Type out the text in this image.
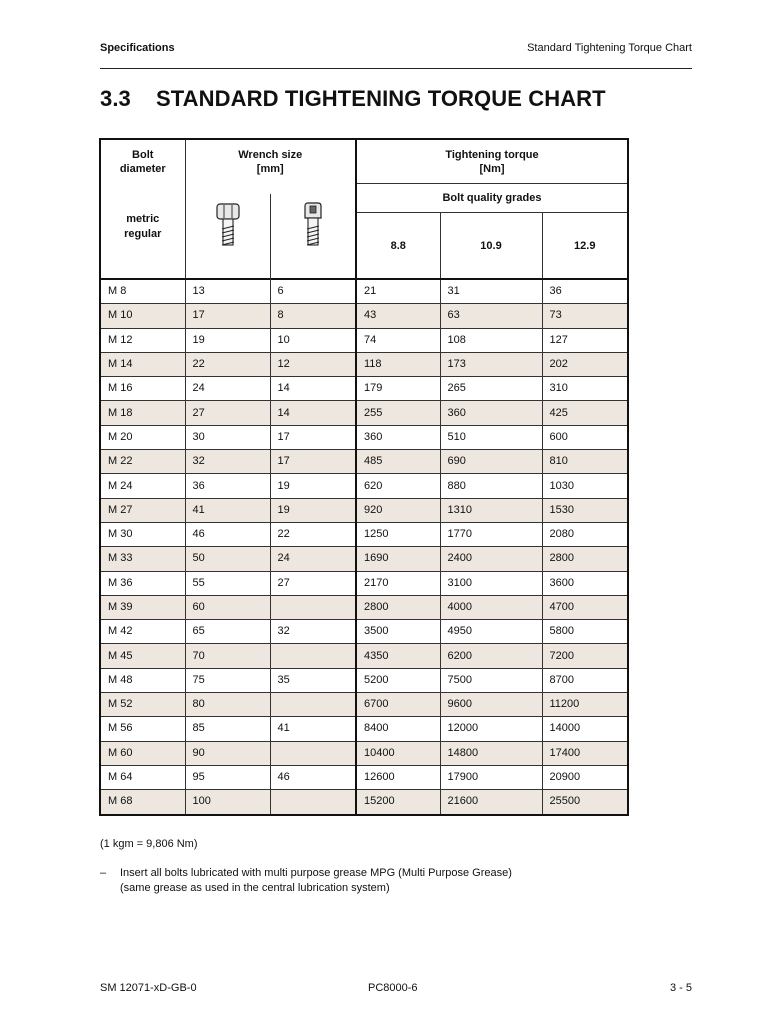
Specifications	Standard Tightening Torque Chart
3.3 STANDARD TIGHTENING TORQUE CHART
Bolt
diameter
metric
regular	Wrench size
[mm]		Tightening torque
[Nm]		

			Bolt quality grades		
			8.8	10.9	12.9
M 8	13	6	21	31	36
M 10	17	8	43	63	73
M 12	19	10	74	108	127
M 14	22	12	118	173	202
M 16	24	14	179	265	310
M 18	27	14	255	360	425
M 20	30	17	360	510	600
M 22	32	17	485	690	810
M 24	36	19	620	880	1030
M 27	41	19	920	1310	1530
M 30	46	22	1250	1770	2080
M 33	50	24	1690	2400	2800
M 36	55	27	2170	3100	3600
M 39	60		2800	4000	4700
M 42	65	32	3500	4950	5800
M 45	70		4350	6200	7200
M 48	75	35	5200	7500	8700
M 52	80		6700	9600	11200
M 56	85	41	8400	12000	14000
M 60	90		10400	14800	17400
M 64	95	46	12600	17900	20900
M 68	100		15200	21600	25500
(1 kgm = 9,806 Nm)
– Insert all bolts lubricated with multi purpose grease MPG (Multi Purpose Grease)
(same grease as used in the central lubrication system)
SM 12071-xD-GB-0	PC8000-6	3 - 5
